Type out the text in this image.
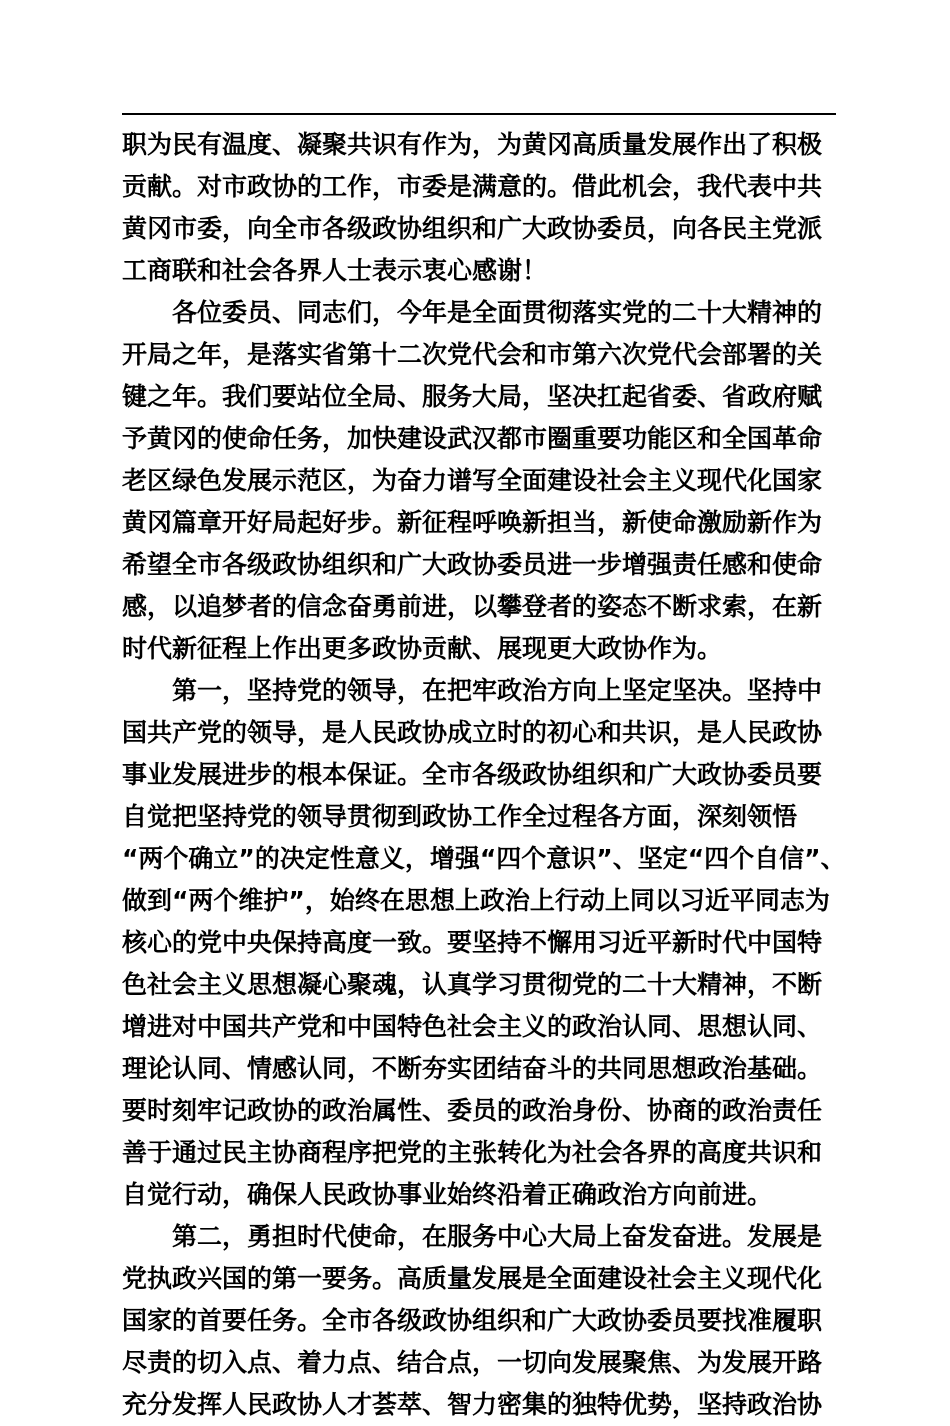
职为民有温度、凝聚共识有作为，为黄冈高质量发展作出了积极
贡献。对市政协的工作，市委是满意的。借此机会，我代表中共
黄冈市委，向全市各级政协组织和广大政协委员，向各民主党派
工商联和社会各界人士表示衷心感谢！
　　各位委员、同志们，今年是全面贯彻落实党的二十大精神的
开局之年，是落实省第十二次党代会和市第六次党代会部署的关
键之年。我们要站位全局、服务大局，坚决扛起省委、省政府赋
予黄冈的使命任务，加快建设武汉都市圈重要功能区和全国革命
老区绿色发展示范区，为奋力谱写全面建设社会主义现代化国家
黄冈篇章开好局起好步。新征程呼唤新担当，新使命激励新作为
希望全市各级政协组织和广大政协委员进一步增强责任感和使命
感，以追梦者的信念奋勇前进，以攀登者的姿态不断求索，在新
时代新征程上作出更多政协贡献、展现更大政协作为。
　　第一，坚持党的领导，在把牢政治方向上坚定坚决。坚持中
国共产党的领导，是人民政协成立时的初心和共识，是人民政协
事业发展进步的根本保证。全市各级政协组织和广大政协委员要
自觉把坚持党的领导贯彻到政协工作全过程各方面，深刻领悟
“两个确立”的决定性意义，增强“四个意识”、坚定“四个自信”、
做到“两个维护”，始终在思想上政治上行动上同以习近平同志为
核心的党中央保持高度一致。要坚持不懈用习近平新时代中国特
色社会主义思想凝心聚魂，认真学习贯彻党的二十大精神，不断
增进对中国共产党和中国特色社会主义的政治认同、思想认同、
理论认同、情感认同，不断夯实团结奋斗的共同思想政治基础。
要时刻牢记政协的政治属性、委员的政治身份、协商的政治责任
善于通过民主协商程序把党的主张转化为社会各界的高度共识和
自觉行动，确保人民政协事业始终沿着正确政治方向前进。
　　第二，勇担时代使命，在服务中心大局上奋发奋进。发展是
党执政兴国的第一要务。高质量发展是全面建设社会主义现代化
国家的首要任务。全市各级政协组织和广大政协委员要找准履职
尽责的切入点、着力点、结合点，一切向发展聚焦、为发展开路
充分发挥人民政协人才荟萃、智力密集的独特优势，坚持政治协
